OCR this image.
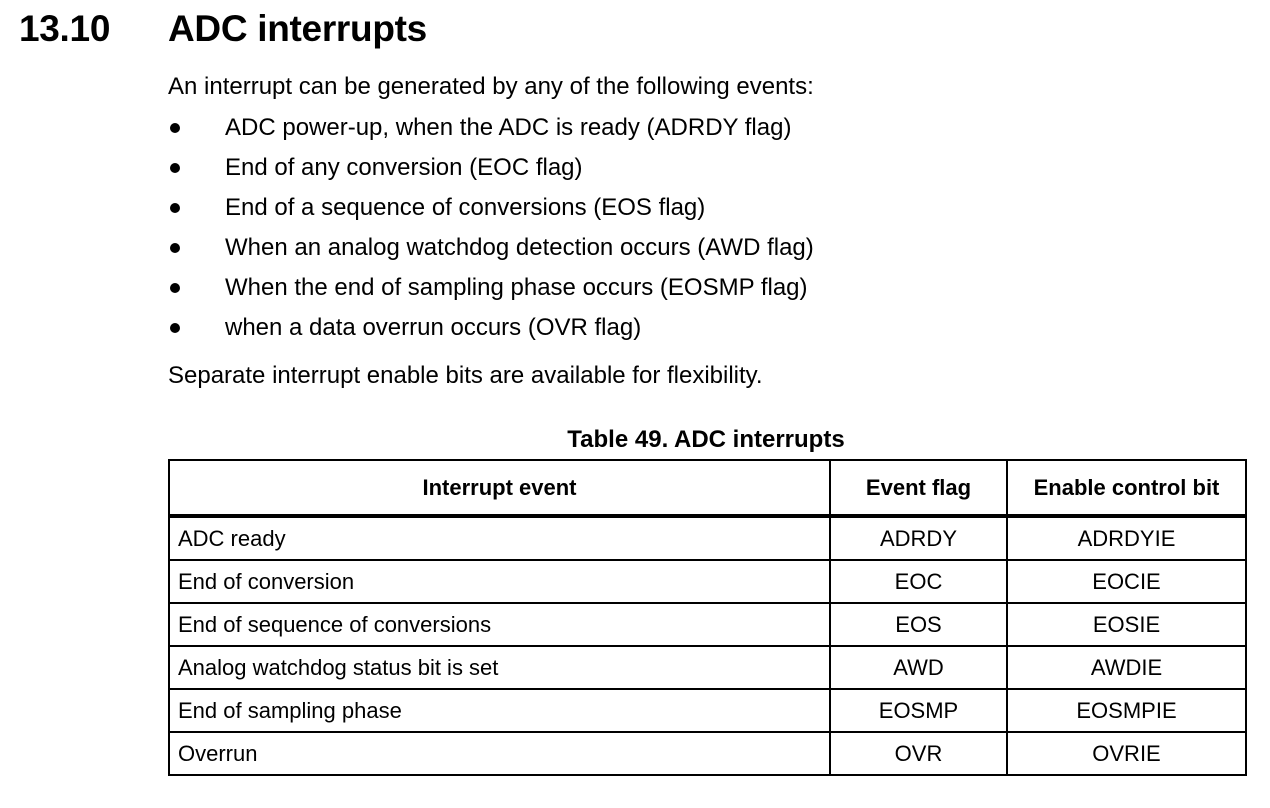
13.10 ADC interrupts
An interrupt can be generated by any of the following events:
ADC power-up, when the ADC is ready (ADRDY flag)
End of any conversion (EOC flag)
End of a sequence of conversions (EOS flag)
When an analog watchdog detection occurs (AWD flag)
When the end of sampling phase occurs (EOSMP flag)
when a data overrun occurs (OVR flag)
Separate interrupt enable bits are available for flexibility.
Table 49. ADC interrupts
Interrupt event	Event flag	Enable control bit
ADC ready	ADRDY	ADRDYIE
End of conversion	EOC	EOCIE
End of sequence of conversions	EOS	EOSIE
Analog watchdog status bit is set	AWD	AWDIE
End of sampling phase	EOSMP	EOSMPIE
Overrun	OVR	OVRIE
